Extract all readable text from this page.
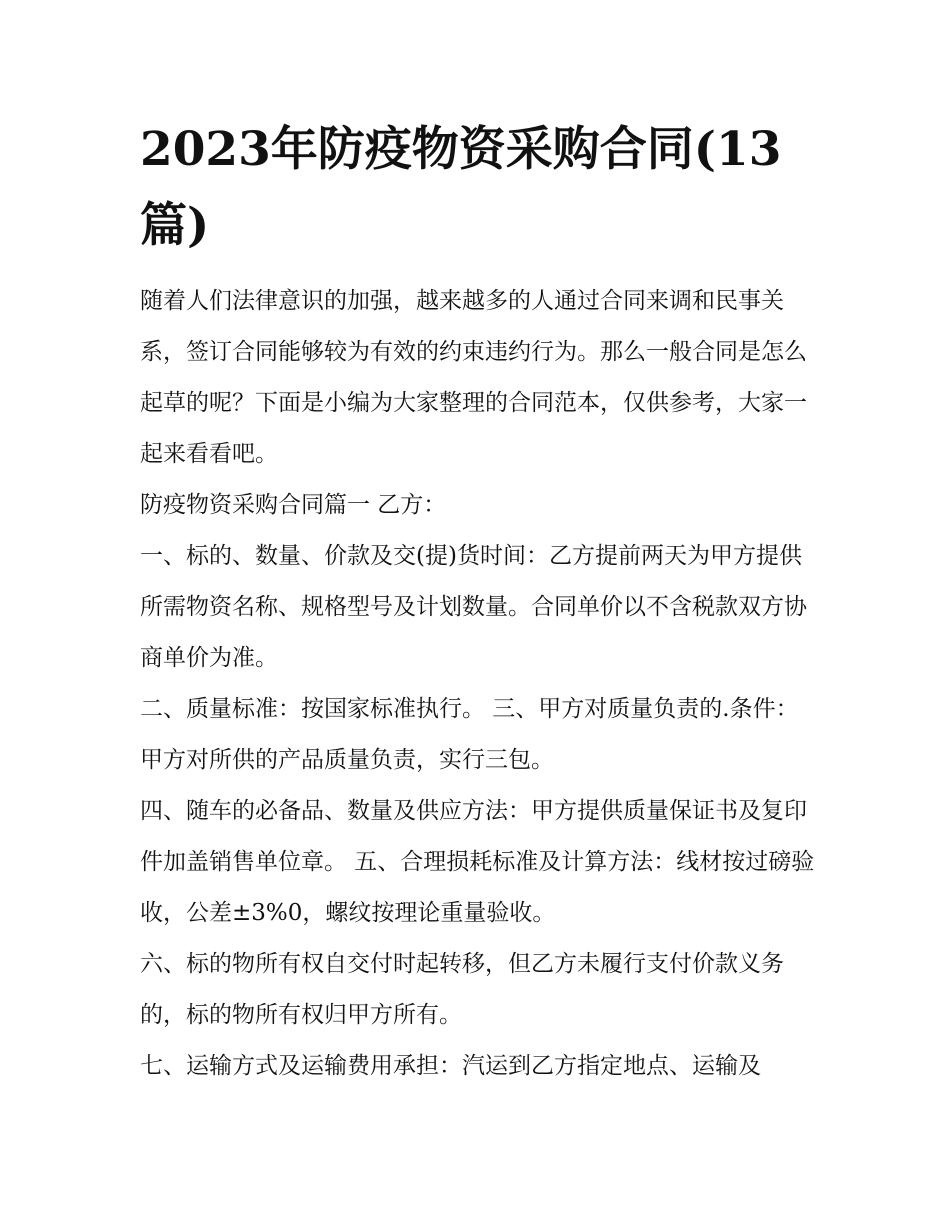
2023年防疫物资采购合同(13篇)

随着人们法律意识的加强，越来越多的人通过合同来调和民事关系，签订合同能够较为有效的约束违约行为。那么一般合同是怎么起草的呢？下面是小编为大家整理的合同范本，仅供参考，大家一起来看看吧。

防疫物资采购合同篇一 乙方：

一、标的、数量、价款及交(提)货时间：乙方提前两天为甲方提供所需物资名称、规格型号及计划数量。合同单价以不含税款双方协商单价为准。

二、质量标准：按国家标准执行。 三、甲方对质量负责的.条件：甲方对所供的产品质量负责，实行三包。

四、随车的必备品、数量及供应方法：甲方提供质量保证书及复印件加盖销售单位章。 五、合理损耗标准及计算方法：线材按过磅验收，公差±3%0，螺纹按理论重量验收。

六、标的物所有权自交付时起转移，但乙方未履行支付价款义务的，标的物所有权归甲方所有。

七、运输方式及运输费用承担：汽运到乙方指定地点、运输及
